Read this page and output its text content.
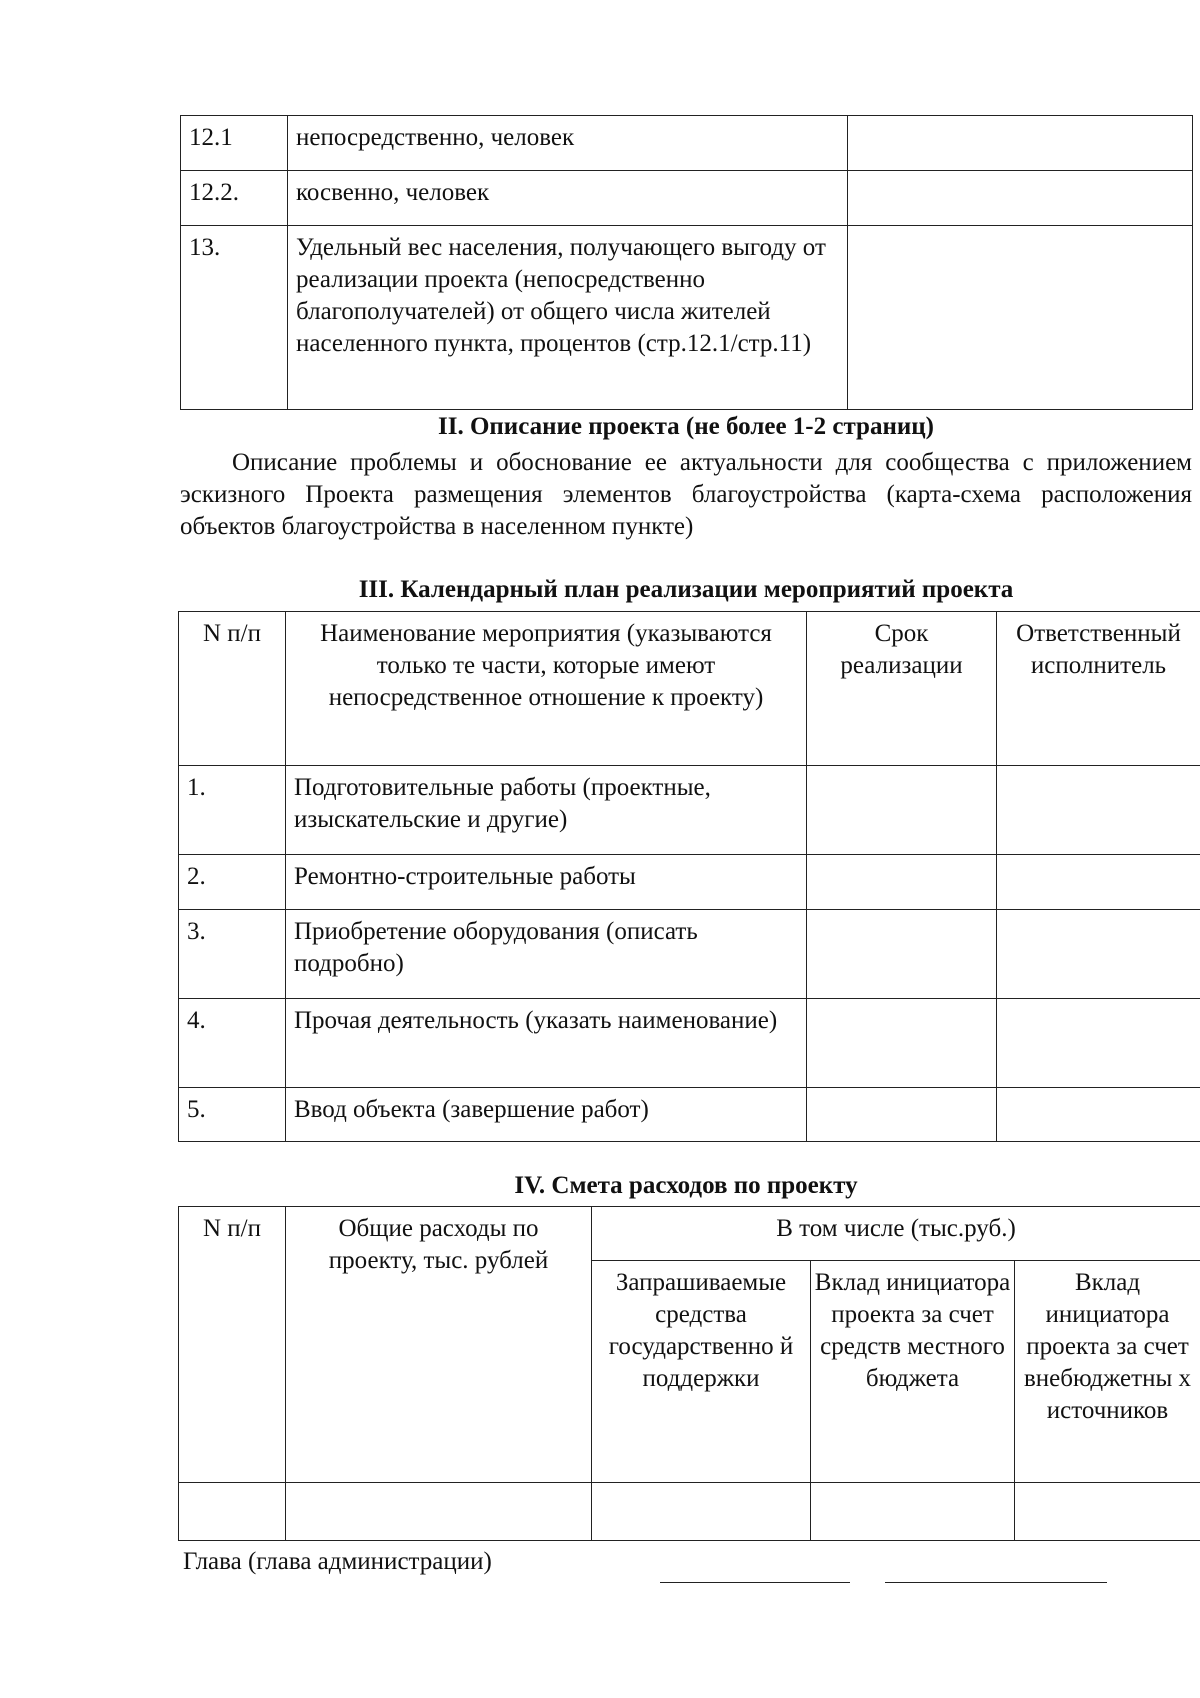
12.1	непосредственно, человек	
12.2.	косвенно, человек	
13.	Удельный вес населения, получающего выгоду от реализации проекта (непосредственно благополучателей) от общего числа жителей населенного пункта, процентов (стр.12.1/стр.11)	
II. Описание проекта (не более 1-2 страниц)
Описание проблемы и обоснование ее актуальности для сообщества с приложением эскизного Проекта размещения элементов благоустройства (карта-схема расположения объектов благоустройства в населенном пункте)
III. Календарный план реализации мероприятий проекта
N п/п	Наименование мероприятия (указываются только те части, которые имеют непосредственное отношение к проекту)	Срок реализации	Ответственный исполнитель
1.	Подготовительные работы (проектные, изыскательские и другие)		
2.	Ремонтно-строительные работы		
3.	Приобретение оборудования (описать подробно)		
4.	Прочая деятельность (указать наименование)		
5.	Ввод объекта (завершение работ)		
IV. Смета расходов по проекту
N п/п	Общие расходы по проекту, тыс. рублей	В том числе (тыс.руб.)		
		Запрашиваемые средства государственно й поддержки	Вклад инициатора проекта за счет средств местного бюджета	Вклад инициатора проекта за счет внебюджетны х источников

Глава (глава администрации)
